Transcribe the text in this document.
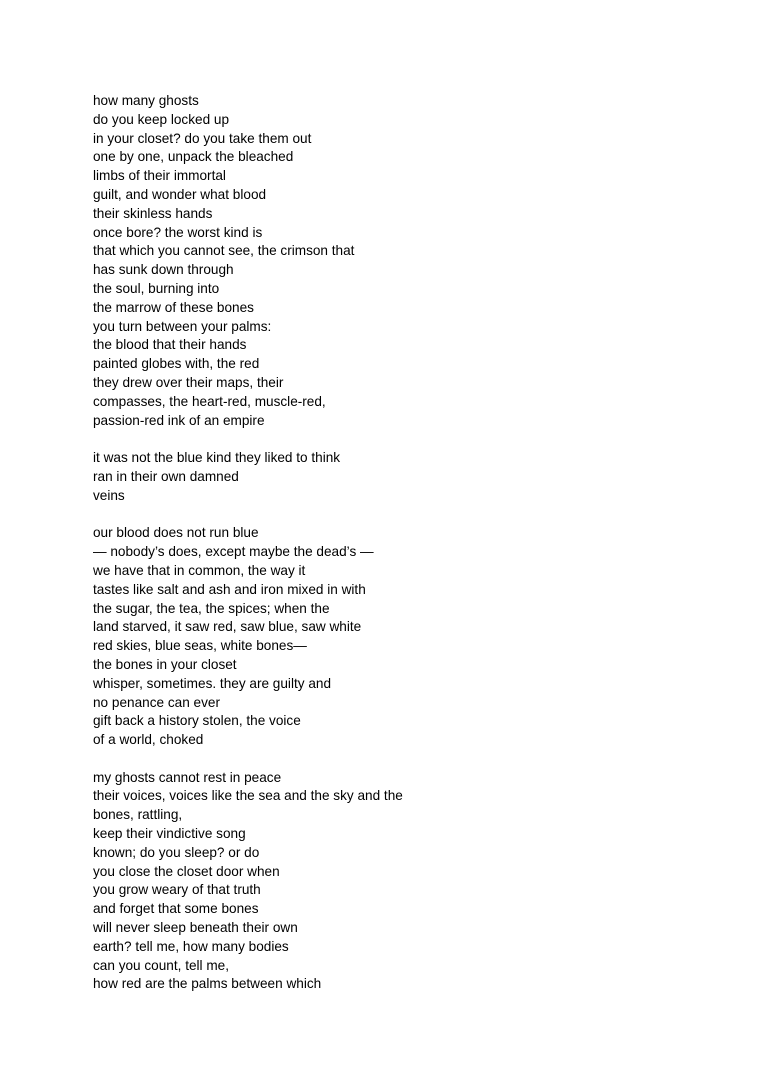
how many ghosts
do you keep locked up
in your closet? do you take them out
one by one, unpack the bleached
limbs of their immortal
guilt, and wonder what blood
their skinless hands
once bore? the worst kind is
that which you cannot see, the crimson that
has sunk down through
the soul, burning into
the marrow of these bones
you turn between your palms:
the blood that their hands
painted globes with, the red
they drew over their maps, their
compasses, the heart-red, muscle-red,
passion-red ink of an empire
it was not the blue kind they liked to think
ran in their own damned
veins
our blood does not run blue
— nobody’s does, except maybe the dead’s —
we have that in common, the way it
tastes like salt and ash and iron mixed in with
the sugar, the tea, the spices; when the
land starved, it saw red, saw blue, saw white
red skies, blue seas, white bones—
the bones in your closet
whisper, sometimes. they are guilty and
no penance can ever
gift back a history stolen, the voice
of a world, choked
my ghosts cannot rest in peace
their voices, voices like the sea and the sky and the
bones, rattling,
keep their vindictive song
known; do you sleep? or do
you close the closet door when
you grow weary of that truth
and forget that some bones
will never sleep beneath their own
earth? tell me, how many bodies
can you count, tell me,
how red are the palms between which
